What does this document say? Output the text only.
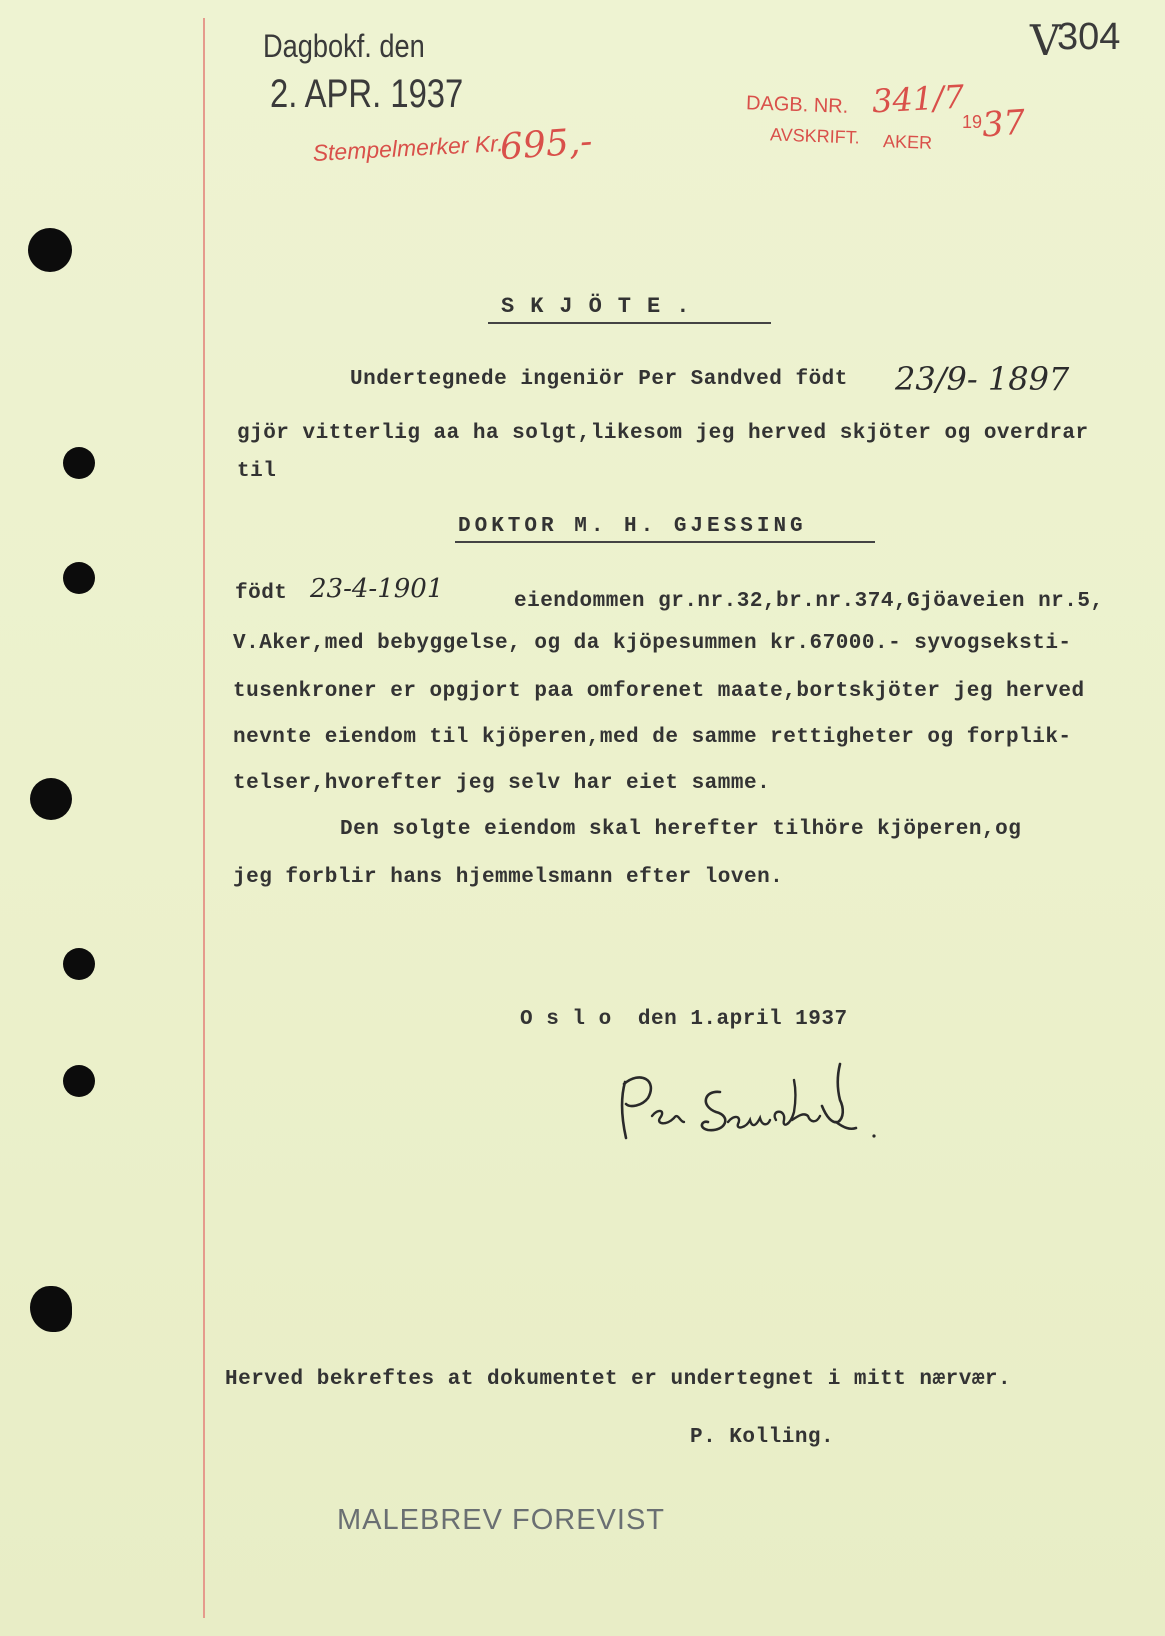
Dagbokf. den
2. APR. 1937
Stempelmerker Kr.
695,-
V
304
DAGB. NR. 341/7
19
37
AVSKRIFT. AKER
SKJÖTE.
Undertegnede ingeniör Per Sandved födt 23/9- 1897
gjör vitterlig aa ha solgt,likesom jeg herved skjöter og overdrar
til
DOKTOR M. H. GJESSING
födt 23-4-1901	eiendommen gr.nr.32,br.nr.374,Gjöaveien nr.5,
V.Aker,med bebyggelse, og da kjöpesummen kr.67000.- syvogseksti-
tusenkroner er opgjort paa omforenet maate,bortskjöter jeg herved
nevnte eiendom til kjöperen,med de samme rettigheter og forplik-
telser,hvorefter jeg selv har eiet samme.
Den solgte eiendom skal herefter tilhöre kjöperen,og
jeg forblir hans hjemmelsmann efter loven.
O s l o  den 1.april 1937
Herved bekreftes at dokumentet er undertegnet i mitt nærvær.
P. Kolling.
MALEBREV FOREVIST
